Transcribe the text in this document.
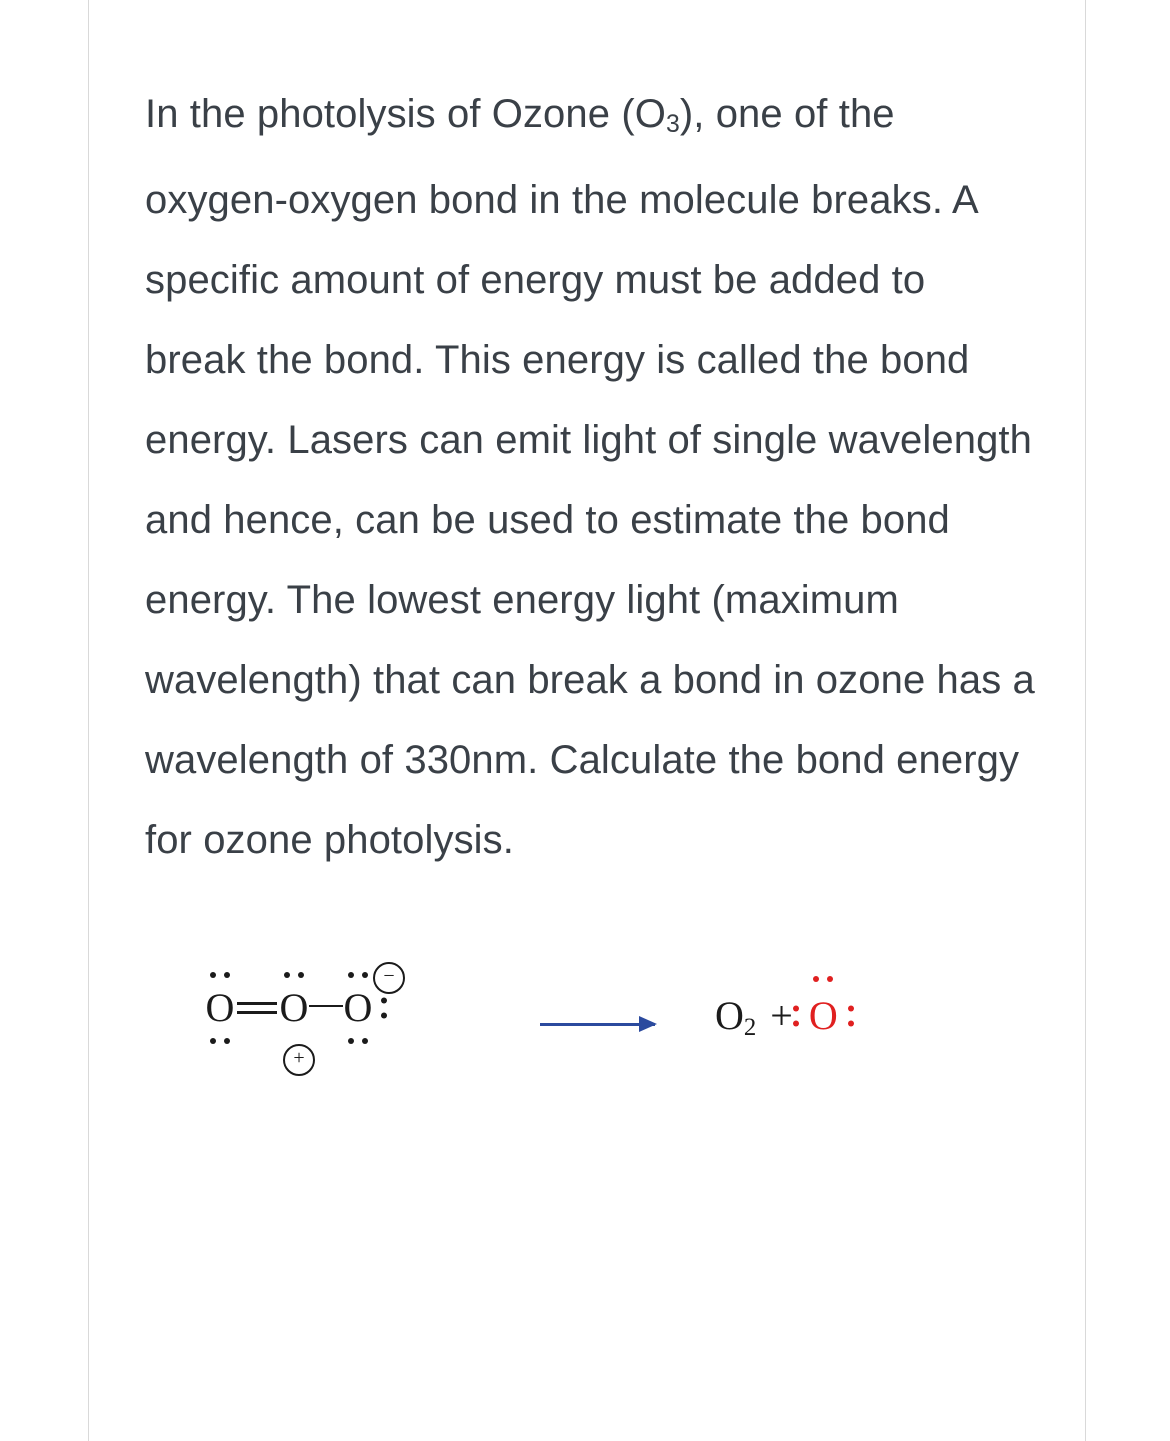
In the photolysis of Ozone $(O_3)$, one of the oxygen-oxygen bond in the molecule breaks. A specific amount of energy must be added to break the bond. This energy is called the bond energy. Lasers can emit light of single wavelength and hence, can be used to estimate the bond energy. The lowest energy light (maximum wavelength) that can break a bond in ozone has a wavelength of 330nm. Calculate the bond energy for ozone photolysis.

O O O
−
+
$O_2 + O$
